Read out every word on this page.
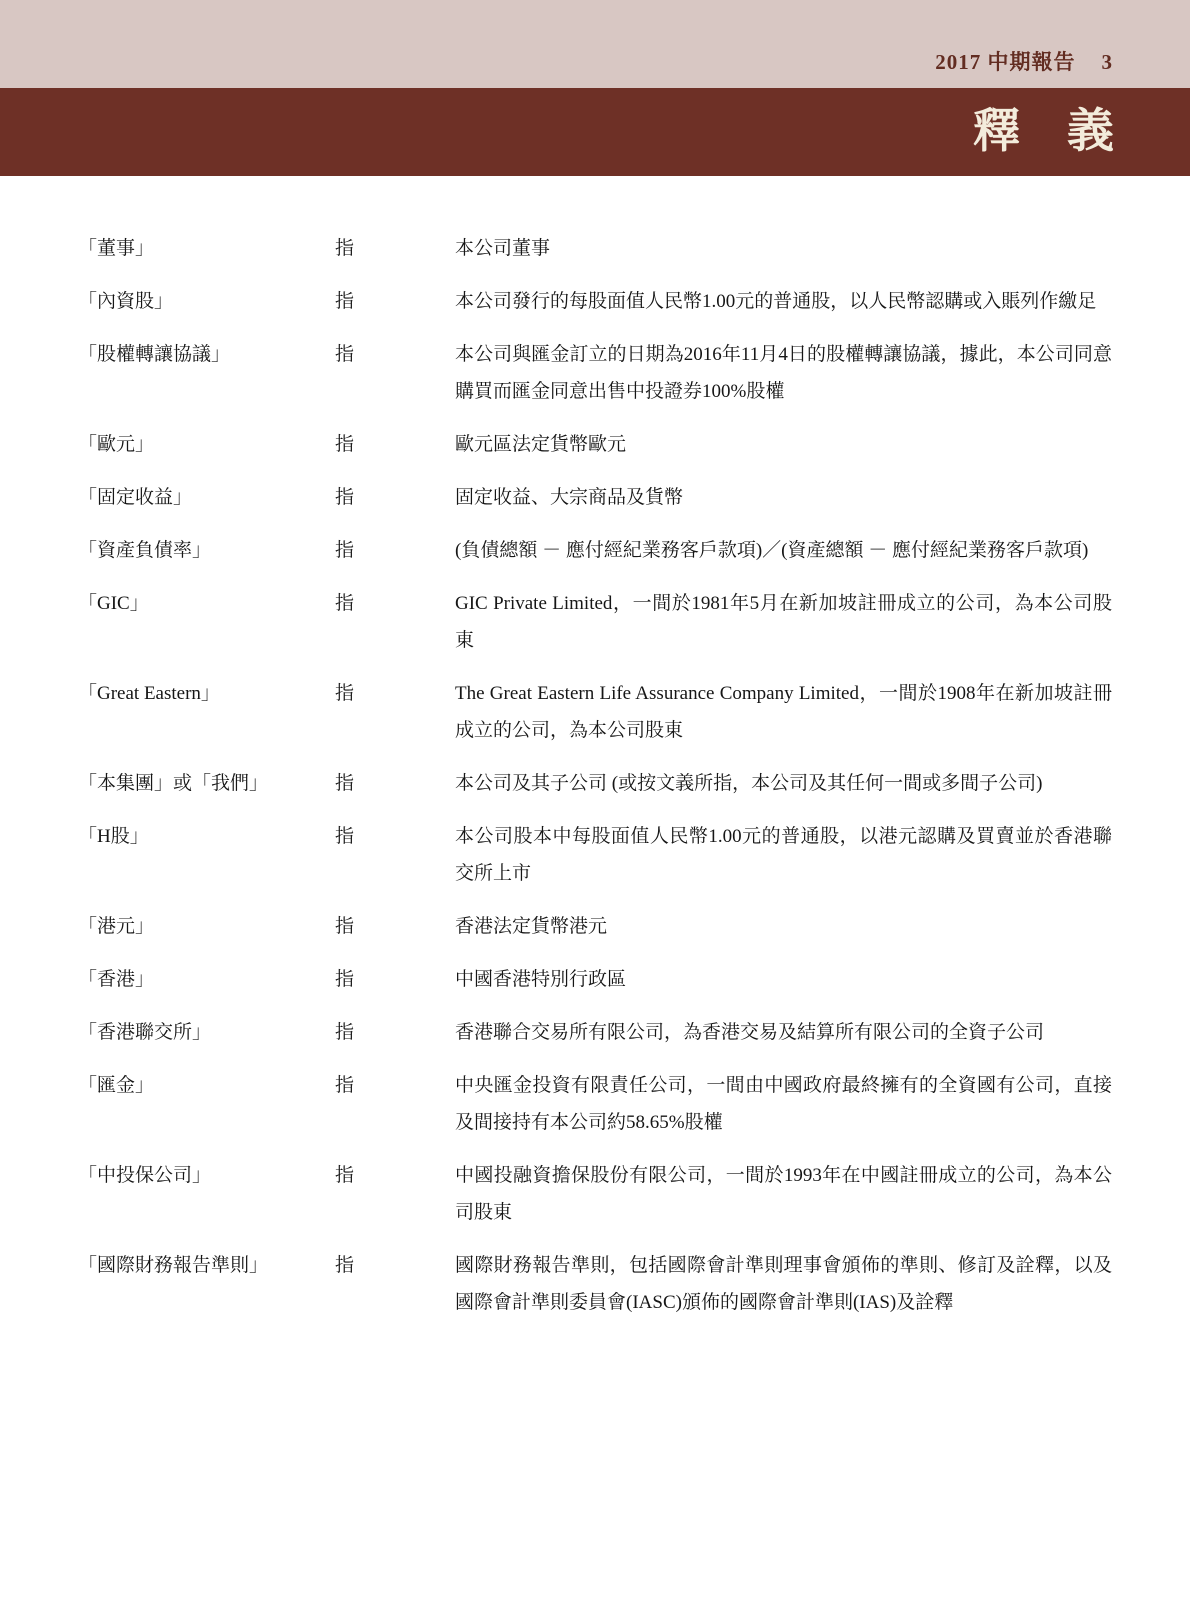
2017 中期報告 3
釋　義
「董事」	指	本公司董事
「內資股」	指	本公司發行的每股面值人民幣1.00元的普通股，以人民幣認購或入賬列作繳足
「股權轉讓協議」	指	本公司與匯金訂立的日期為2016年11月4日的股權轉讓協議，據此，本公司同意購買而匯金同意出售中投證券100%股權
「歐元」	指	歐元區法定貨幣歐元
「固定收益」	指	固定收益、大宗商品及貨幣
「資產負債率」	指	(負債總額 － 應付經紀業務客戶款項)／(資產總額 － 應付經紀業務客戶款項)
「GIC」	指	GIC Private Limited，一間於1981年5月在新加坡註冊成立的公司，為本公司股東
「Great Eastern」	指	The Great Eastern Life Assurance Company Limited，一間於1908年在新加坡註冊成立的公司，為本公司股東
「本集團」或「我們」	指	本公司及其子公司 (或按文義所指，本公司及其任何一間或多間子公司)
「H股」	指	本公司股本中每股面值人民幣1.00元的普通股，以港元認購及買賣並於香港聯交所上市
「港元」	指	香港法定貨幣港元
「香港」	指	中國香港特別行政區
「香港聯交所」	指	香港聯合交易所有限公司，為香港交易及結算所有限公司的全資子公司
「匯金」	指	中央匯金投資有限責任公司，一間由中國政府最終擁有的全資國有公司，直接及間接持有本公司約58.65%股權
「中投保公司」	指	中國投融資擔保股份有限公司，一間於1993年在中國註冊成立的公司，為本公司股東
「國際財務報告準則」	指	國際財務報告準則，包括國際會計準則理事會頒佈的準則、修訂及詮釋，以及國際會計準則委員會(IASC)頒佈的國際會計準則(IAS)及詮釋
